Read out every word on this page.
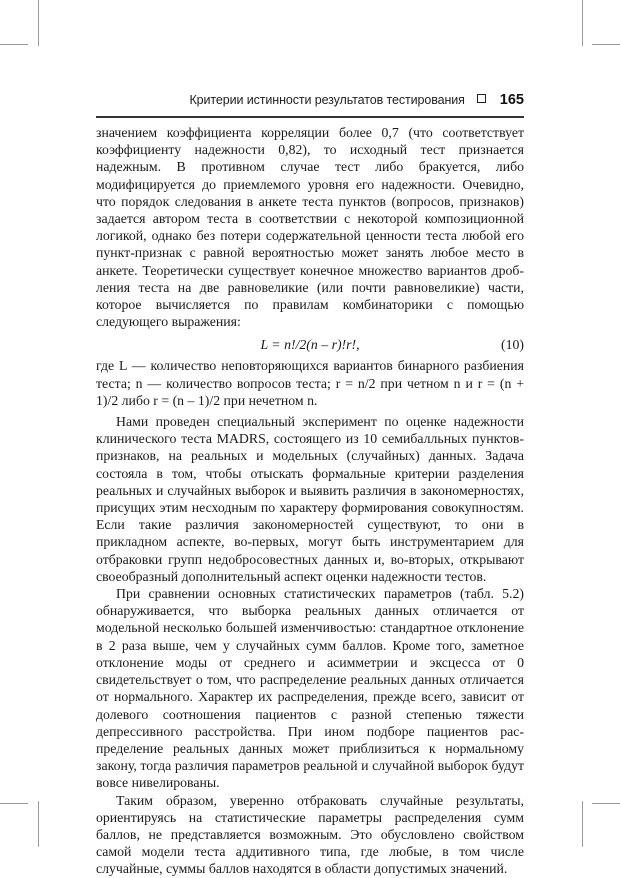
Критерии истинности результатов тестирования 165

значением коэффициента корреляции более 0,7 (что соответствует коэффициенту надежности 0,82), то исходный тест признается надежным. В противном случае тест либо бракуется, либо модифицируется до приемлемого уровня его надежности. Очевидно, что порядок следования в анкете теста пунктов (вопросов, признаков) задается автором теста в соответствии с некоторой композиционной логикой, однако без потери содержательной ценности теста любой его пункт-признак с равной вероятностью может занять любое место в анкете. Теоретически существует конечное множество вариантов дробления теста на две равновеликие (или почти равновеликие) части, которое вычисляется по правилам комбинаторики с помощью следующего выражения:

L = n!/2(n – r)!r!,	(10)

где L — количество неповторяющихся вариантов бинарного разбиения теста; n — количество вопросов теста; r = n/2 при четном n и r = (n + 1)/2 либо r = (n – 1)/2 при нечетном n.

Нами проведен специальный эксперимент по оценке надежности клинического теста MADRS, состоящего из 10 семибалльных пунктов-признаков, на реальных и модельных (случайных) данных. Задача состояла в том, чтобы отыскать формальные критерии разделения реальных и случайных выборок и выявить различия в закономерностях, присущих этим несходным по характеру формирования совокупностям. Если такие различия закономерностей существуют, то они в прикладном аспекте, во-первых, могут быть инструментарием для отбраковки групп недобросовестных данных и, во-вторых, открывают своеобразный дополнительный аспект оценки надежности тестов.

При сравнении основных статистических параметров (табл. 5.2) обнаруживается, что выборка реальных данных отличается от модельной несколько большей изменчивостью: стандартное отклонение в 2 раза выше, чем у случайных сумм баллов. Кроме того, заметное отклонение моды от среднего и асимметрии и эксцесса от 0 свидетельствует о том, что распределение реальных данных отличается от нормального. Характер их распределения, прежде всего, зависит от долевого соотношения пациентов с разной степенью тяжести депрессивного расстройства. При ином подборе пациентов распределение реальных данных может приблизиться к нормальному закону, тогда различия параметров реальной и случайной выборок будут вовсе нивелированы.

Таким образом, уверенно отбраковать случайные результаты, ориентируясь на статистические параметры распределения сумм баллов, не представляется возможным. Это обусловлено свойством самой модели теста аддитивного типа, где любые, в том числе случайные, суммы баллов находятся в области допустимых значений.
